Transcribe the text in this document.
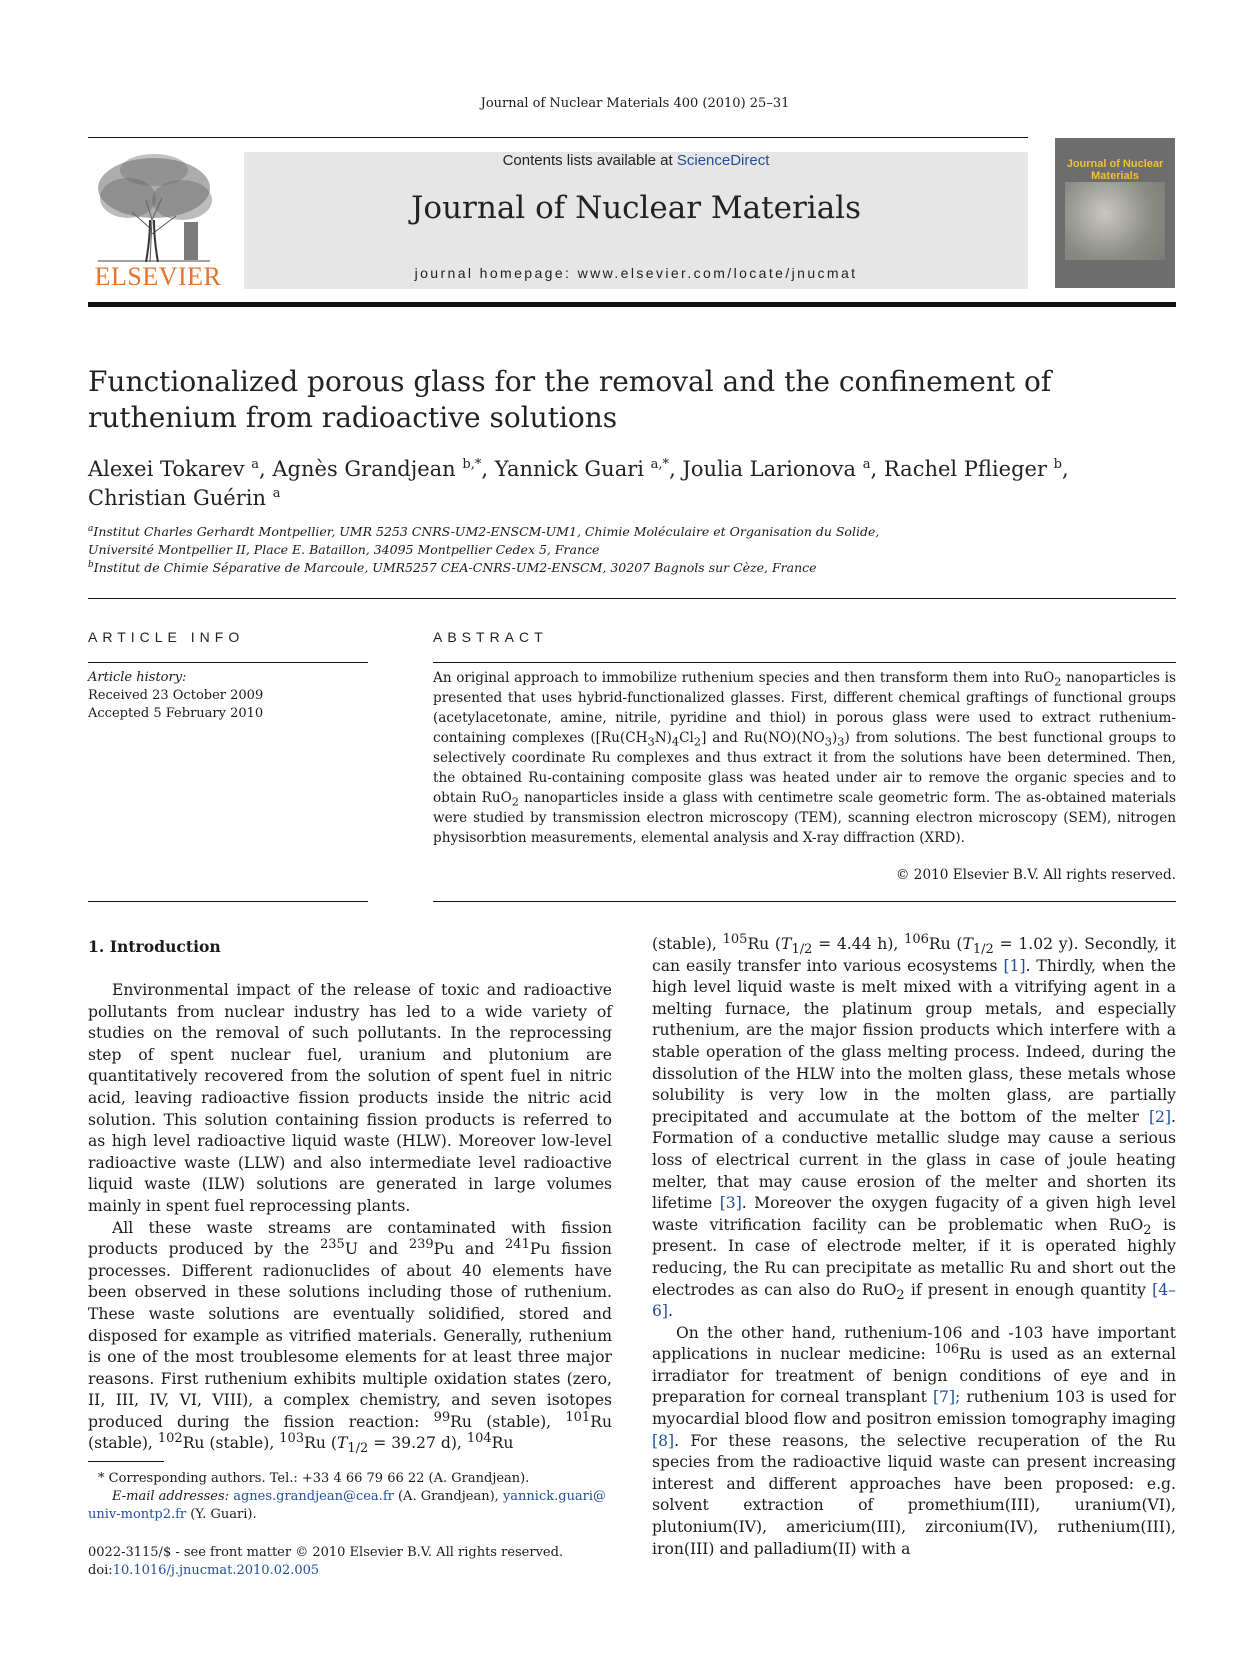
Journal of Nuclear Materials 400 (2010) 25–31
ELSEVIER
Contents lists available at ScienceDirect
Journal of Nuclear Materials
journal homepage: www.elsevier.com/locate/jnucmat
Journal of Nuclear Materials
Functionalized porous glass for the removal and the confinement of ruthenium from radioactive solutions
Alexei Tokarev $^a$, Agnès Grandjean $^{b,*}$, Yannick Guari $^{a,*}$, Joulia Larionova $^a$, Rachel Pflieger $^b$,
Christian Guérin $^a$
$^a$Institut Charles Gerhardt Montpellier, UMR 5253 CNRS-UM2-ENSCM-UM1, Chimie Moléculaire et Organisation du Solide,
Université Montpellier II, Place E. Bataillon, 34095 Montpellier Cedex 5, France
$^b$Institut de Chimie Séparative de Marcoule, UMR5257 CEA-CNRS-UM2-ENSCM, 30207 Bagnols sur Cèze, France
ARTICLE INFO
Article history:
Received 23 October 2009
Accepted 5 February 2010
ABSTRACT
An original approach to immobilize ruthenium species and then transform them into RuO$_2$ nanoparticles is presented that uses hybrid-functionalized glasses. First, different chemical graftings of functional groups (acetylacetonate, amine, nitrile, pyridine and thiol) in porous glass were used to extract ruthenium-containing complexes ($[Ru(CH_3N)_4Cl_2]$ and $Ru(NO)(NO_3)_3$) from solutions. The best functional groups to selectively coordinate Ru complexes and thus extract it from the solutions have been determined. Then, the obtained Ru-containing composite glass was heated under air to remove the organic species and to obtain RuO$_2$ nanoparticles inside a glass with centimetre scale geometric form. The as-obtained materials were studied by transmission electron microscopy (TEM), scanning electron microscopy (SEM), nitrogen physisorbtion measurements, elemental analysis and X-ray diffraction (XRD).
© 2010 Elsevier B.V. All rights reserved.
1. Introduction

Environmental impact of the release of toxic and radioactive pollutants from nuclear industry has led to a wide variety of studies on the removal of such pollutants. In the reprocessing step of spent nuclear fuel, uranium and plutonium are quantitatively recovered from the solution of spent fuel in nitric acid, leaving radioactive fission products inside the nitric acid solution. This solution containing fission products is referred to as high level radioactive liquid waste (HLW). Moreover low-level radioactive waste (LLW) and also intermediate level radioactive liquid waste (ILW) solutions are generated in large volumes mainly in spent fuel reprocessing plants.

All these waste streams are contaminated with fission products produced by the $^{235}$U and $^{239}$Pu and $^{241}$Pu fission processes. Different radionuclides of about 40 elements have been observed in these solutions including those of ruthenium. These waste solutions are eventually solidified, stored and disposed for example as vitrified materials. Generally, ruthenium is one of the most troublesome elements for at least three major reasons. First ruthenium exhibits multiple oxidation states (zero, II, III, IV, VI, VIII), a complex chemistry, and seven isotopes produced during the fission reaction: $^{99}$Ru (stable), $^{101}$Ru (stable), $^{102}$Ru (stable), $^{103}$Ru ($T_{1/2} = 39.27$ d), $^{104}$Ru

* Corresponding authors. Tel.: +33 4 66 79 66 22 (A. Grandjean).
E-mail addresses: agnes.grandjean@cea.fr (A. Grandjean), yannick.guari@
univ-montp2.fr (Y. Guari).
0022-3115/$ - see front matter © 2010 Elsevier B.V. All rights reserved.
doi:10.1016/j.jnucmat.2010.02.005

(stable), $^{105}$Ru ($T_{1/2} = 4.44$ h), $^{106}$Ru ($T_{1/2} = 1.02$ y). Secondly, it can easily transfer into various ecosystems [1]. Thirdly, when the high level liquid waste is melt mixed with a vitrifying agent in a melting furnace, the platinum group metals, and especially ruthenium, are the major fission products which interfere with a stable operation of the glass melting process. Indeed, during the dissolution of the HLW into the molten glass, these metals whose solubility is very low in the molten glass, are partially precipitated and accumulate at the bottom of the melter [2]. Formation of a conductive metallic sludge may cause a serious loss of electrical current in the glass in case of joule heating melter, that may cause erosion of the melter and shorten its lifetime [3]. Moreover the oxygen fugacity of a given high level waste vitrification facility can be problematic when RuO$_2$ is present. In case of electrode melter, if it is operated highly reducing, the Ru can precipitate as metallic Ru and short out the electrodes as can also do RuO$_2$ if present in enough quantity [4–6].

On the other hand, ruthenium-106 and -103 have important applications in nuclear medicine: $^{106}$Ru is used as an external irradiator for treatment of benign conditions of eye and in preparation for corneal transplant [7]; ruthenium 103 is used for myocardial blood flow and positron emission tomography imaging [8]. For these reasons, the selective recuperation of the Ru species from the radioactive liquid waste can present increasing interest and different approaches have been proposed: e.g. solvent extraction of promethium(III), uranium(VI), plutonium(IV), americium(III), zirconium(IV), ruthenium(III), iron(III) and palladium(II) with a
